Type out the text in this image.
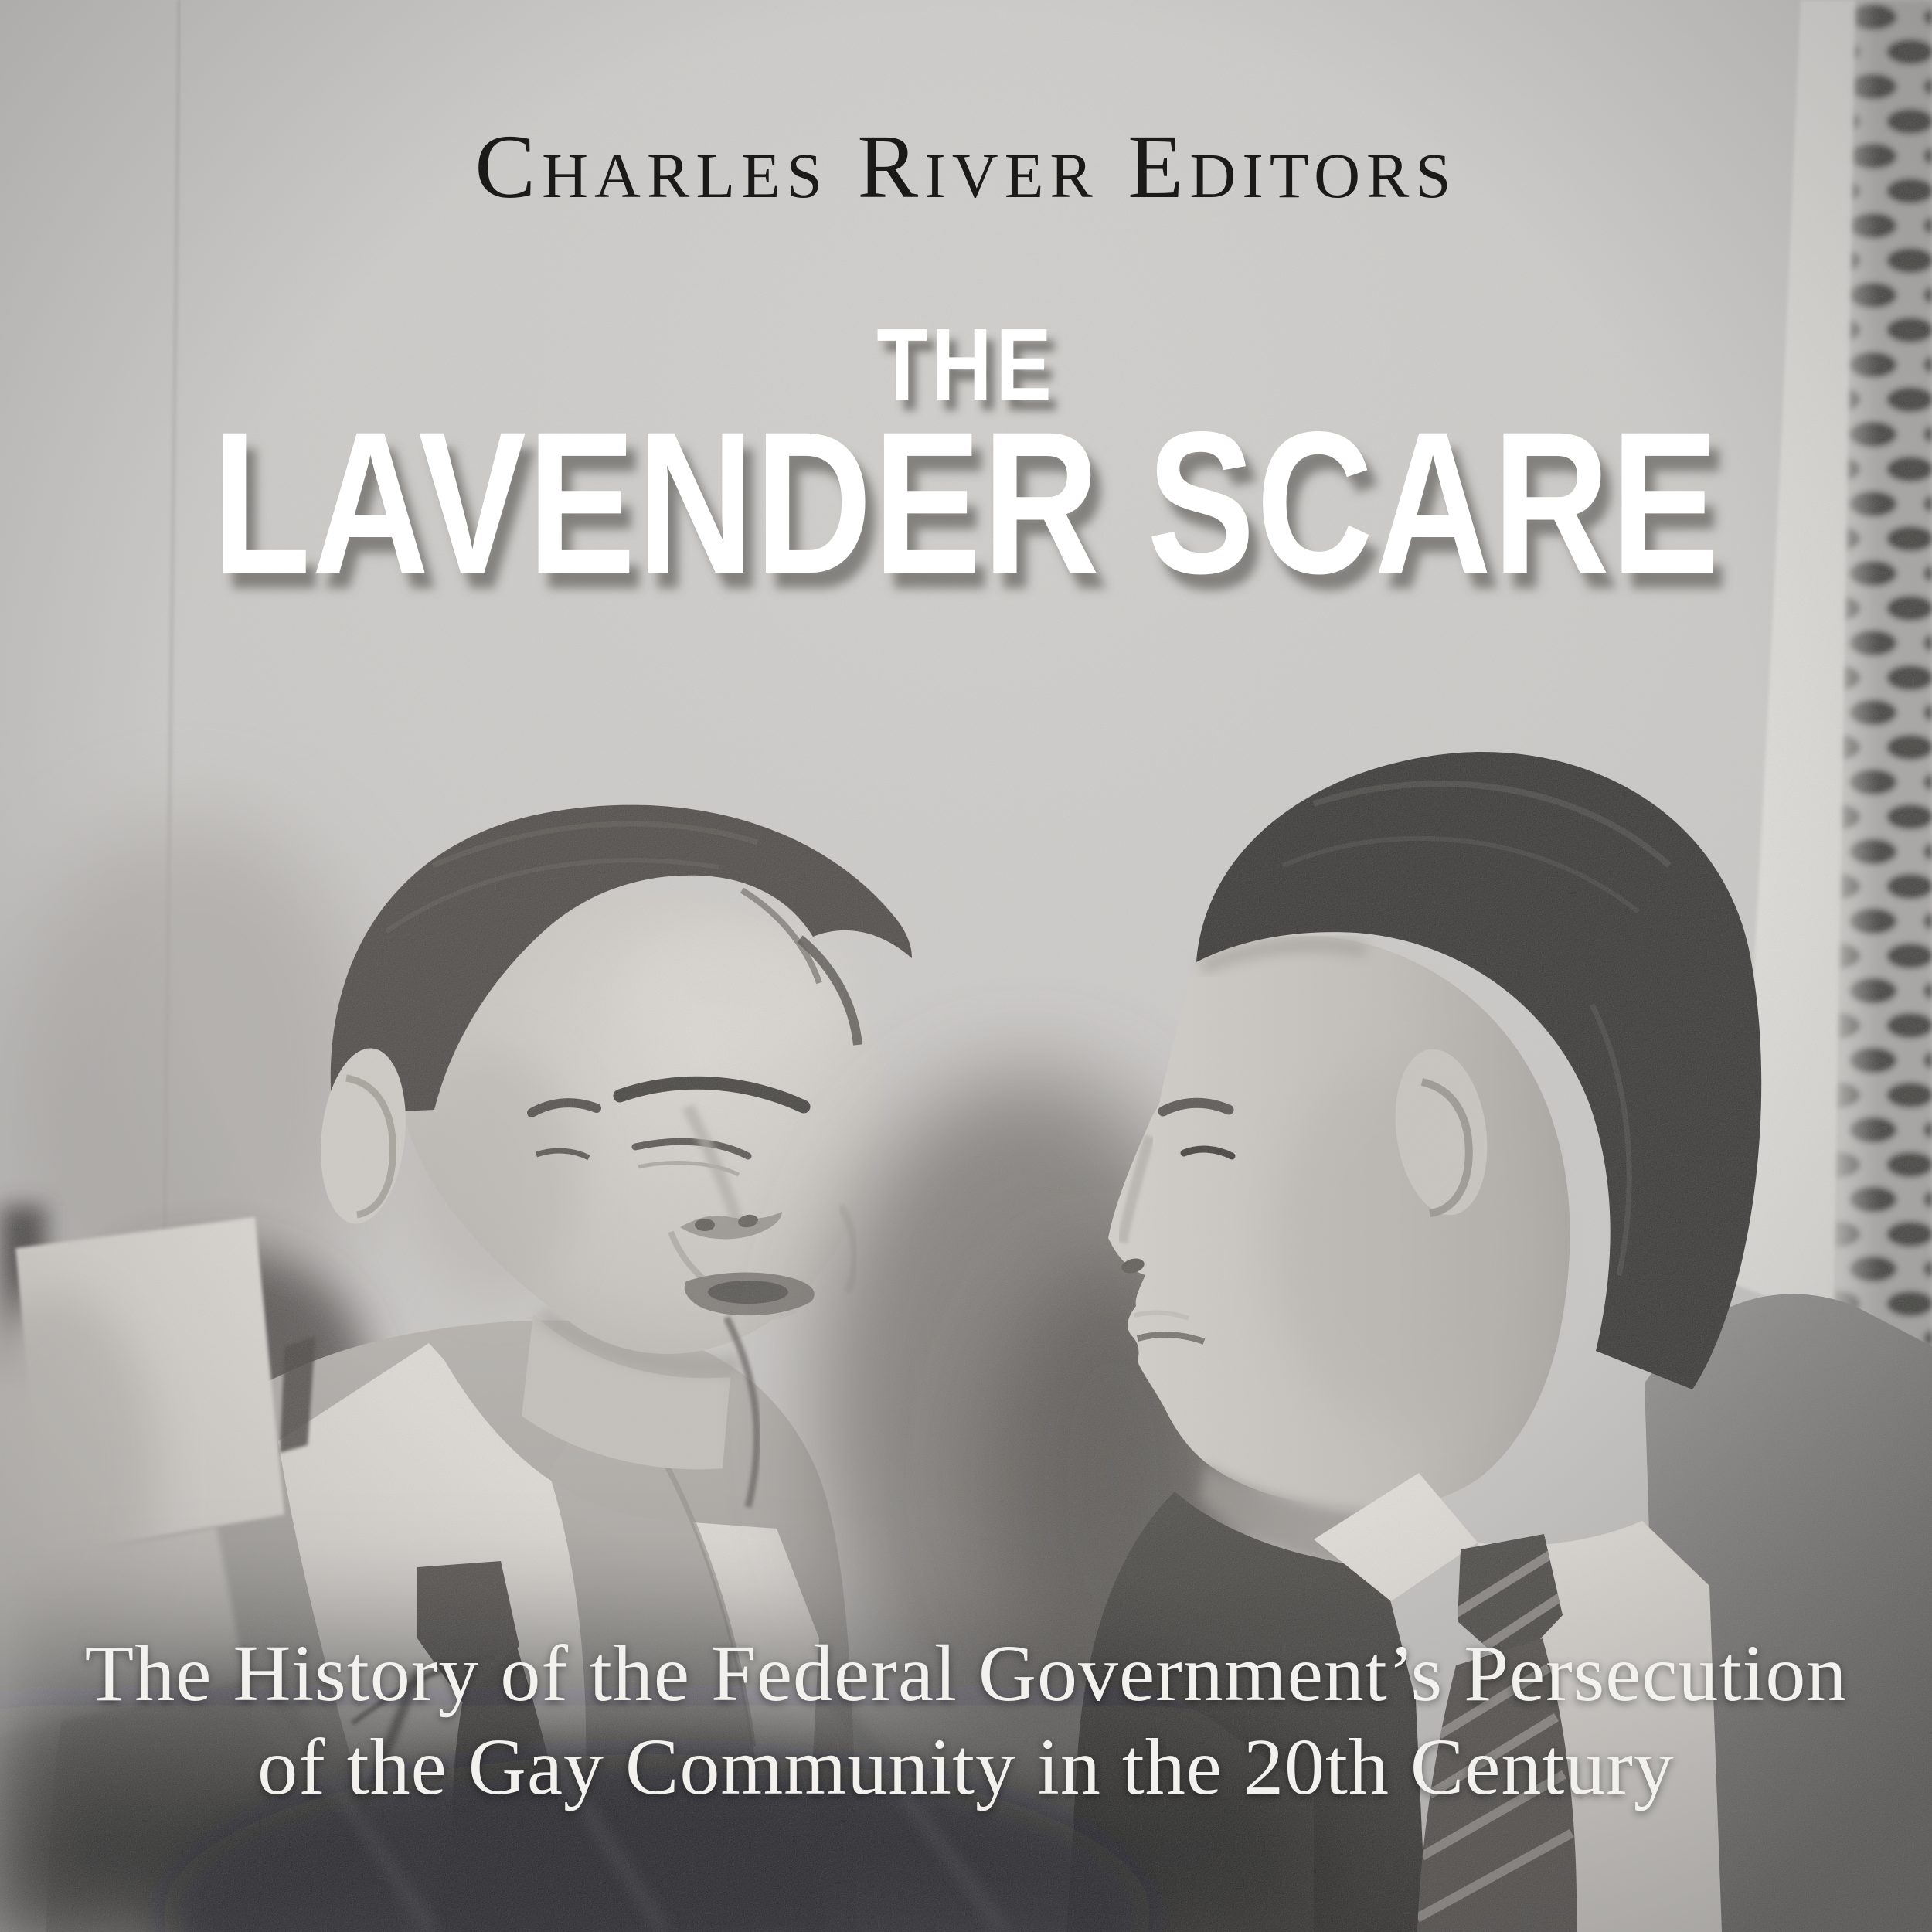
Charles River Editors
THE
LAVENDER SCARE
The History of the Federal Government’s Persecution
of the Gay Community in the 20th Century
